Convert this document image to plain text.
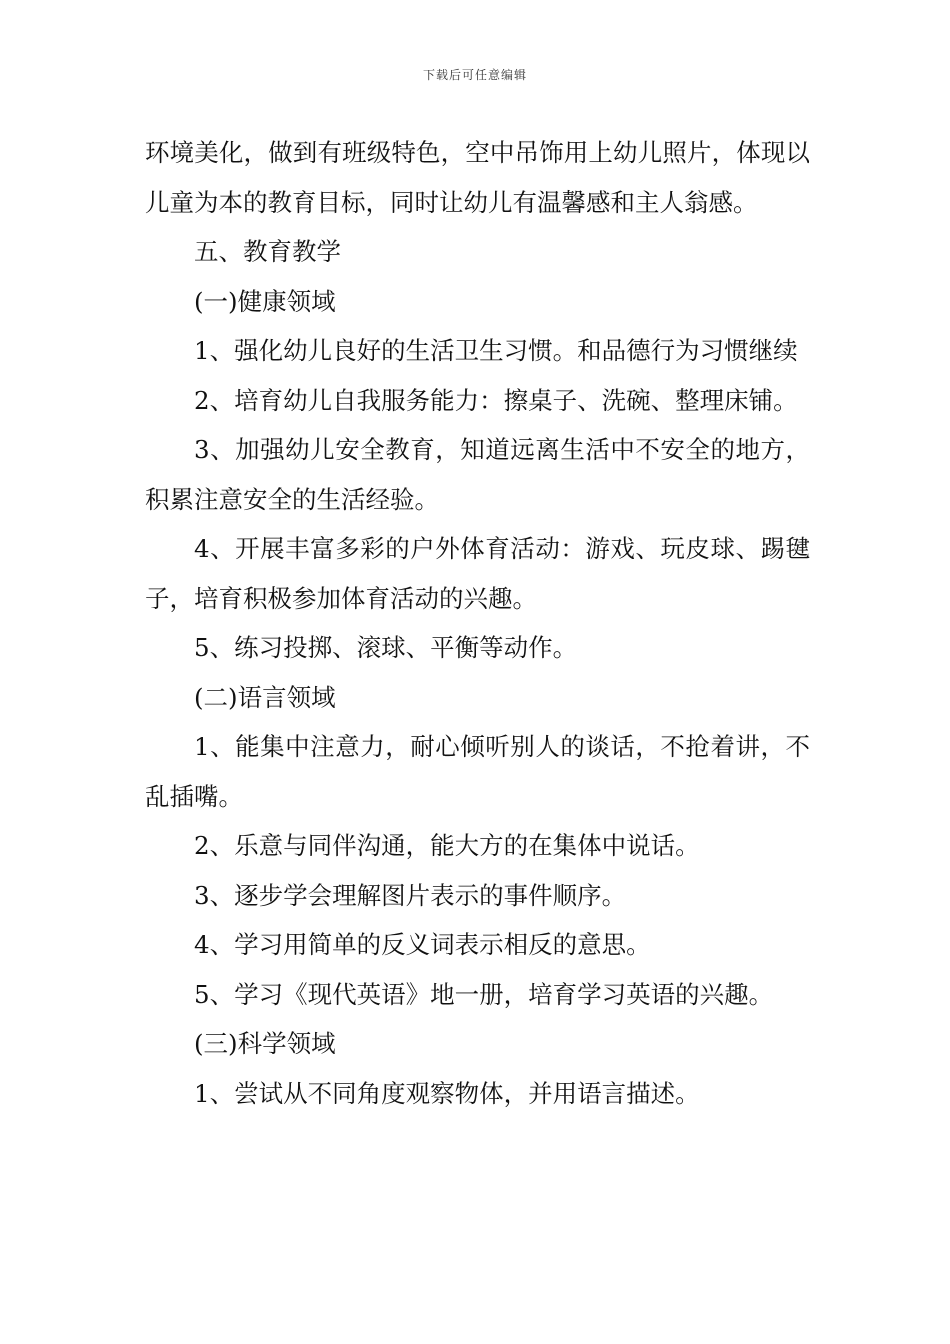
下载后可任意编辑

环境美化，做到有班级特色，空中吊饰用上幼儿照片，体现以儿童为本的教育目标，同时让幼儿有温馨感和主人翁感。

五、教育教学

(一)健康领域

1、强化幼儿良好的生活卫生习惯。和品德行为习惯继续

2、培育幼儿自我服务能力：擦桌子、洗碗、整理床铺。

3、加强幼儿安全教育，知道远离生活中不安全的地方，积累注意安全的生活经验。

4、开展丰富多彩的户外体育活动：游戏、玩皮球、踢毽子，培育积极参加体育活动的兴趣。

5、练习投掷、滚球、平衡等动作。

(二)语言领域

1、能集中注意力，耐心倾听别人的谈话，不抢着讲，不乱插嘴。

2、乐意与同伴沟通，能大方的在集体中说话。

3、逐步学会理解图片表示的事件顺序。

4、学习用简单的反义词表示相反的意思。

5、学习《现代英语》地一册，培育学习英语的兴趣。

(三)科学领域

1、尝试从不同角度观察物体，并用语言描述。
